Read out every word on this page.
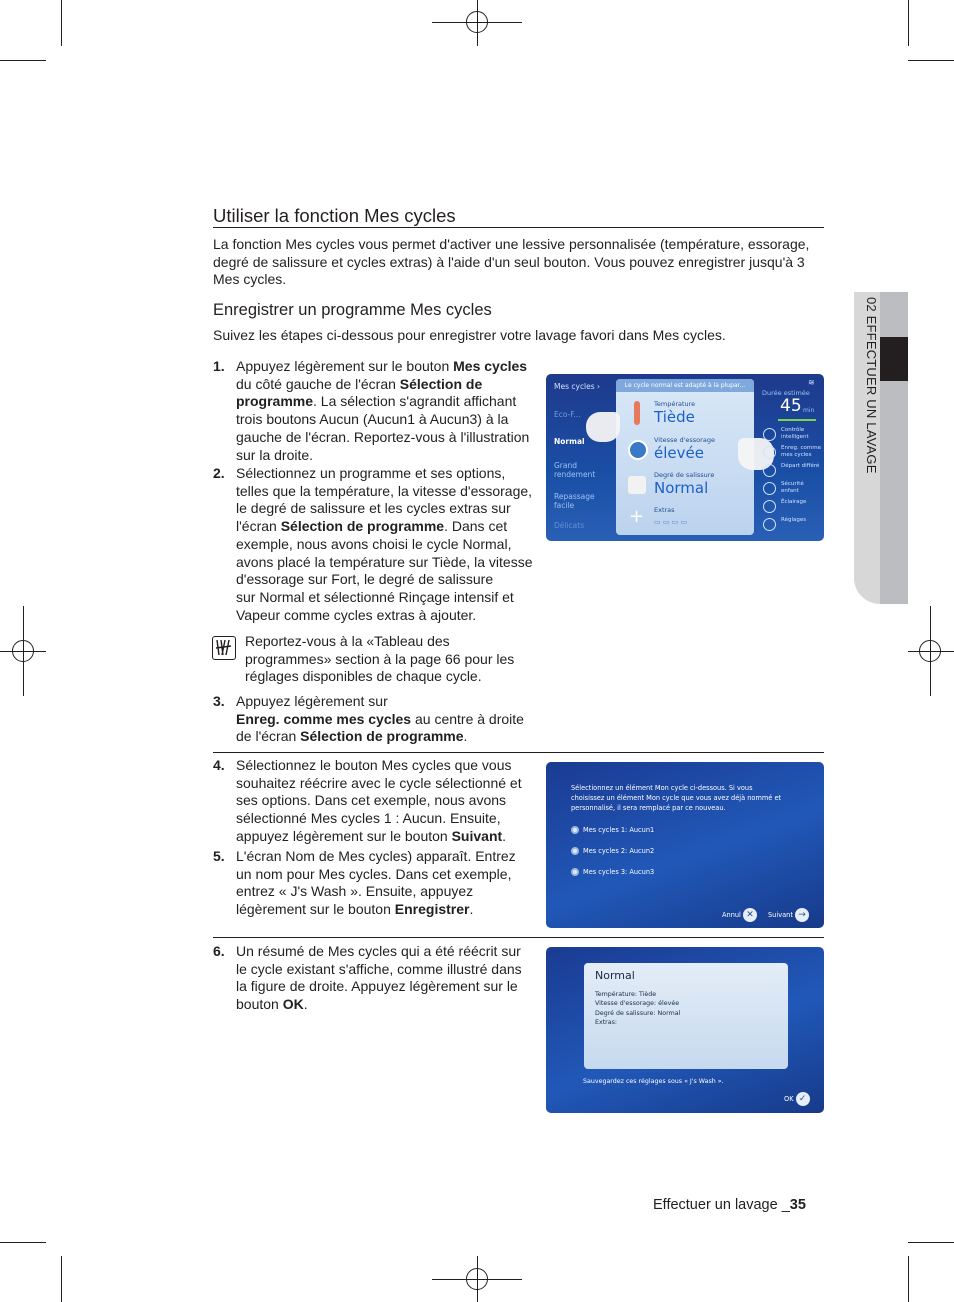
02 EFFECTUER UN LAVAGE
Utiliser la fonction Mes cycles
La fonction Mes cycles vous permet d'activer une lessive personnalisée (température, essorage,
degré de salissure et cycles extras) à l'aide d'un seul bouton. Vous pouvez enregistrer jusqu'à 3
Mes cycles.
Enregistrer un programme Mes cycles
Suivez les étapes ci-dessous pour enregistrer votre lavage favori dans Mes cycles.
1. Appuyez légèrement sur le bouton Mes cycles
du côté gauche de l'écran Sélection de
programme. La sélection s'agrandit affichant
trois boutons Aucun (Aucun1 à Aucun3) à la
gauche de l'écran. Reportez-vous à l'illustration
sur la droite.
2. Sélectionnez un programme et ses options,
telles que la température, la vitesse d'essorage,
le degré de salissure et les cycles extras sur
l'écran Sélection de programme. Dans cet
exemple, nous avons choisi le cycle Normal,
avons placé la température sur Tiède, la vitesse
d'essorage sur Fort, le degré de salissure
sur Normal et sélectionné Rinçage intensif et
Vapeur comme cycles extras à ajouter.
Reportez-vous à la «Tableau des
programmes» section à la page 66 pour les
réglages disponibles de chaque cycle.
3. Appuyez légèrement sur
Enreg. comme mes cycles au centre à droite
de l'écran Sélection de programme.
4. Sélectionnez le bouton Mes cycles que vous
souhaitez réécrire avec le cycle sélectionné et
ses options. Dans cet exemple, nous avons
sélectionné Mes cycles 1 : Aucun. Ensuite,
appuyez légèrement sur le bouton Suivant.
5. L'écran Nom de Mes cycles) apparaît. Entrez
un nom pour Mes cycles. Dans cet exemple,
entrez « J's Wash ». Ensuite, appuyez
légèrement sur le bouton Enregistrer.
6. Un résumé de Mes cycles qui a été réécrit sur
le cycle existant s'affiche, comme illustré dans
la figure de droite. Appuyez légèrement sur le
bouton OK.
Mes cycles ›
Eco-F...
Normal
Grand
rendement
Repassage
facile
Délicats
Le cycle normal est adapté à la plupar...
Température
Tiède
Vitesse d'essorage
élevée
Degré de salissure
Normal
+ Extras
▭ ▭ ▭ ▭
≋
Durée estimée
45 min
Contrôle
intelligent
Enreg. comme
mes cycles
Départ différé
Sécurité
enfant
Éclairage
Réglages
Sélectionnez un élément Mon cycle ci-dessous. Si vous
choisissez un élément Mon cycle que vous avez déjà nommé et
personnalisé, il sera remplacé par ce nouveau.
Mes cycles 1: Aucun1
Mes cycles 2: Aucun2
Mes cycles 3: Aucun3
Annul ✕	Suivant →
Normal
Température: Tiède
Vitesse d'essorage: élevée
Degré de salissure: Normal
Extras:
Sauvegardez ces réglages sous « J's Wash ».
OK ✓
Effectuer un lavage _35
